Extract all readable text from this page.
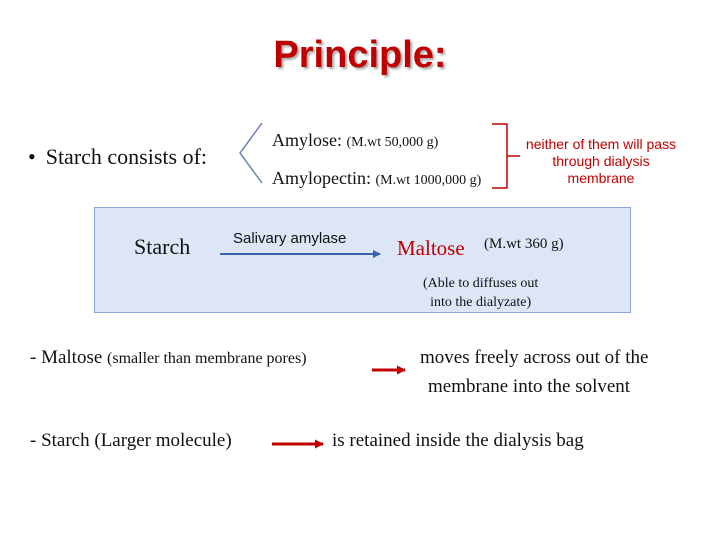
Principle:
• Starch consists of:
Amylose: (M.wt 50,000 g)
Amylopectin: (M.wt 1000,000 g)
neither of them will pass through dialysis membrane
Starch	Salivary amylase Maltose (M.wt 360 g)
(Able to diffuses out
into the dialyzate)
- Maltose (smaller than membrane pores)	moves freely across out of the
membrane into the solvent
- Starch (Larger molecule)	is retained inside the dialysis bag
